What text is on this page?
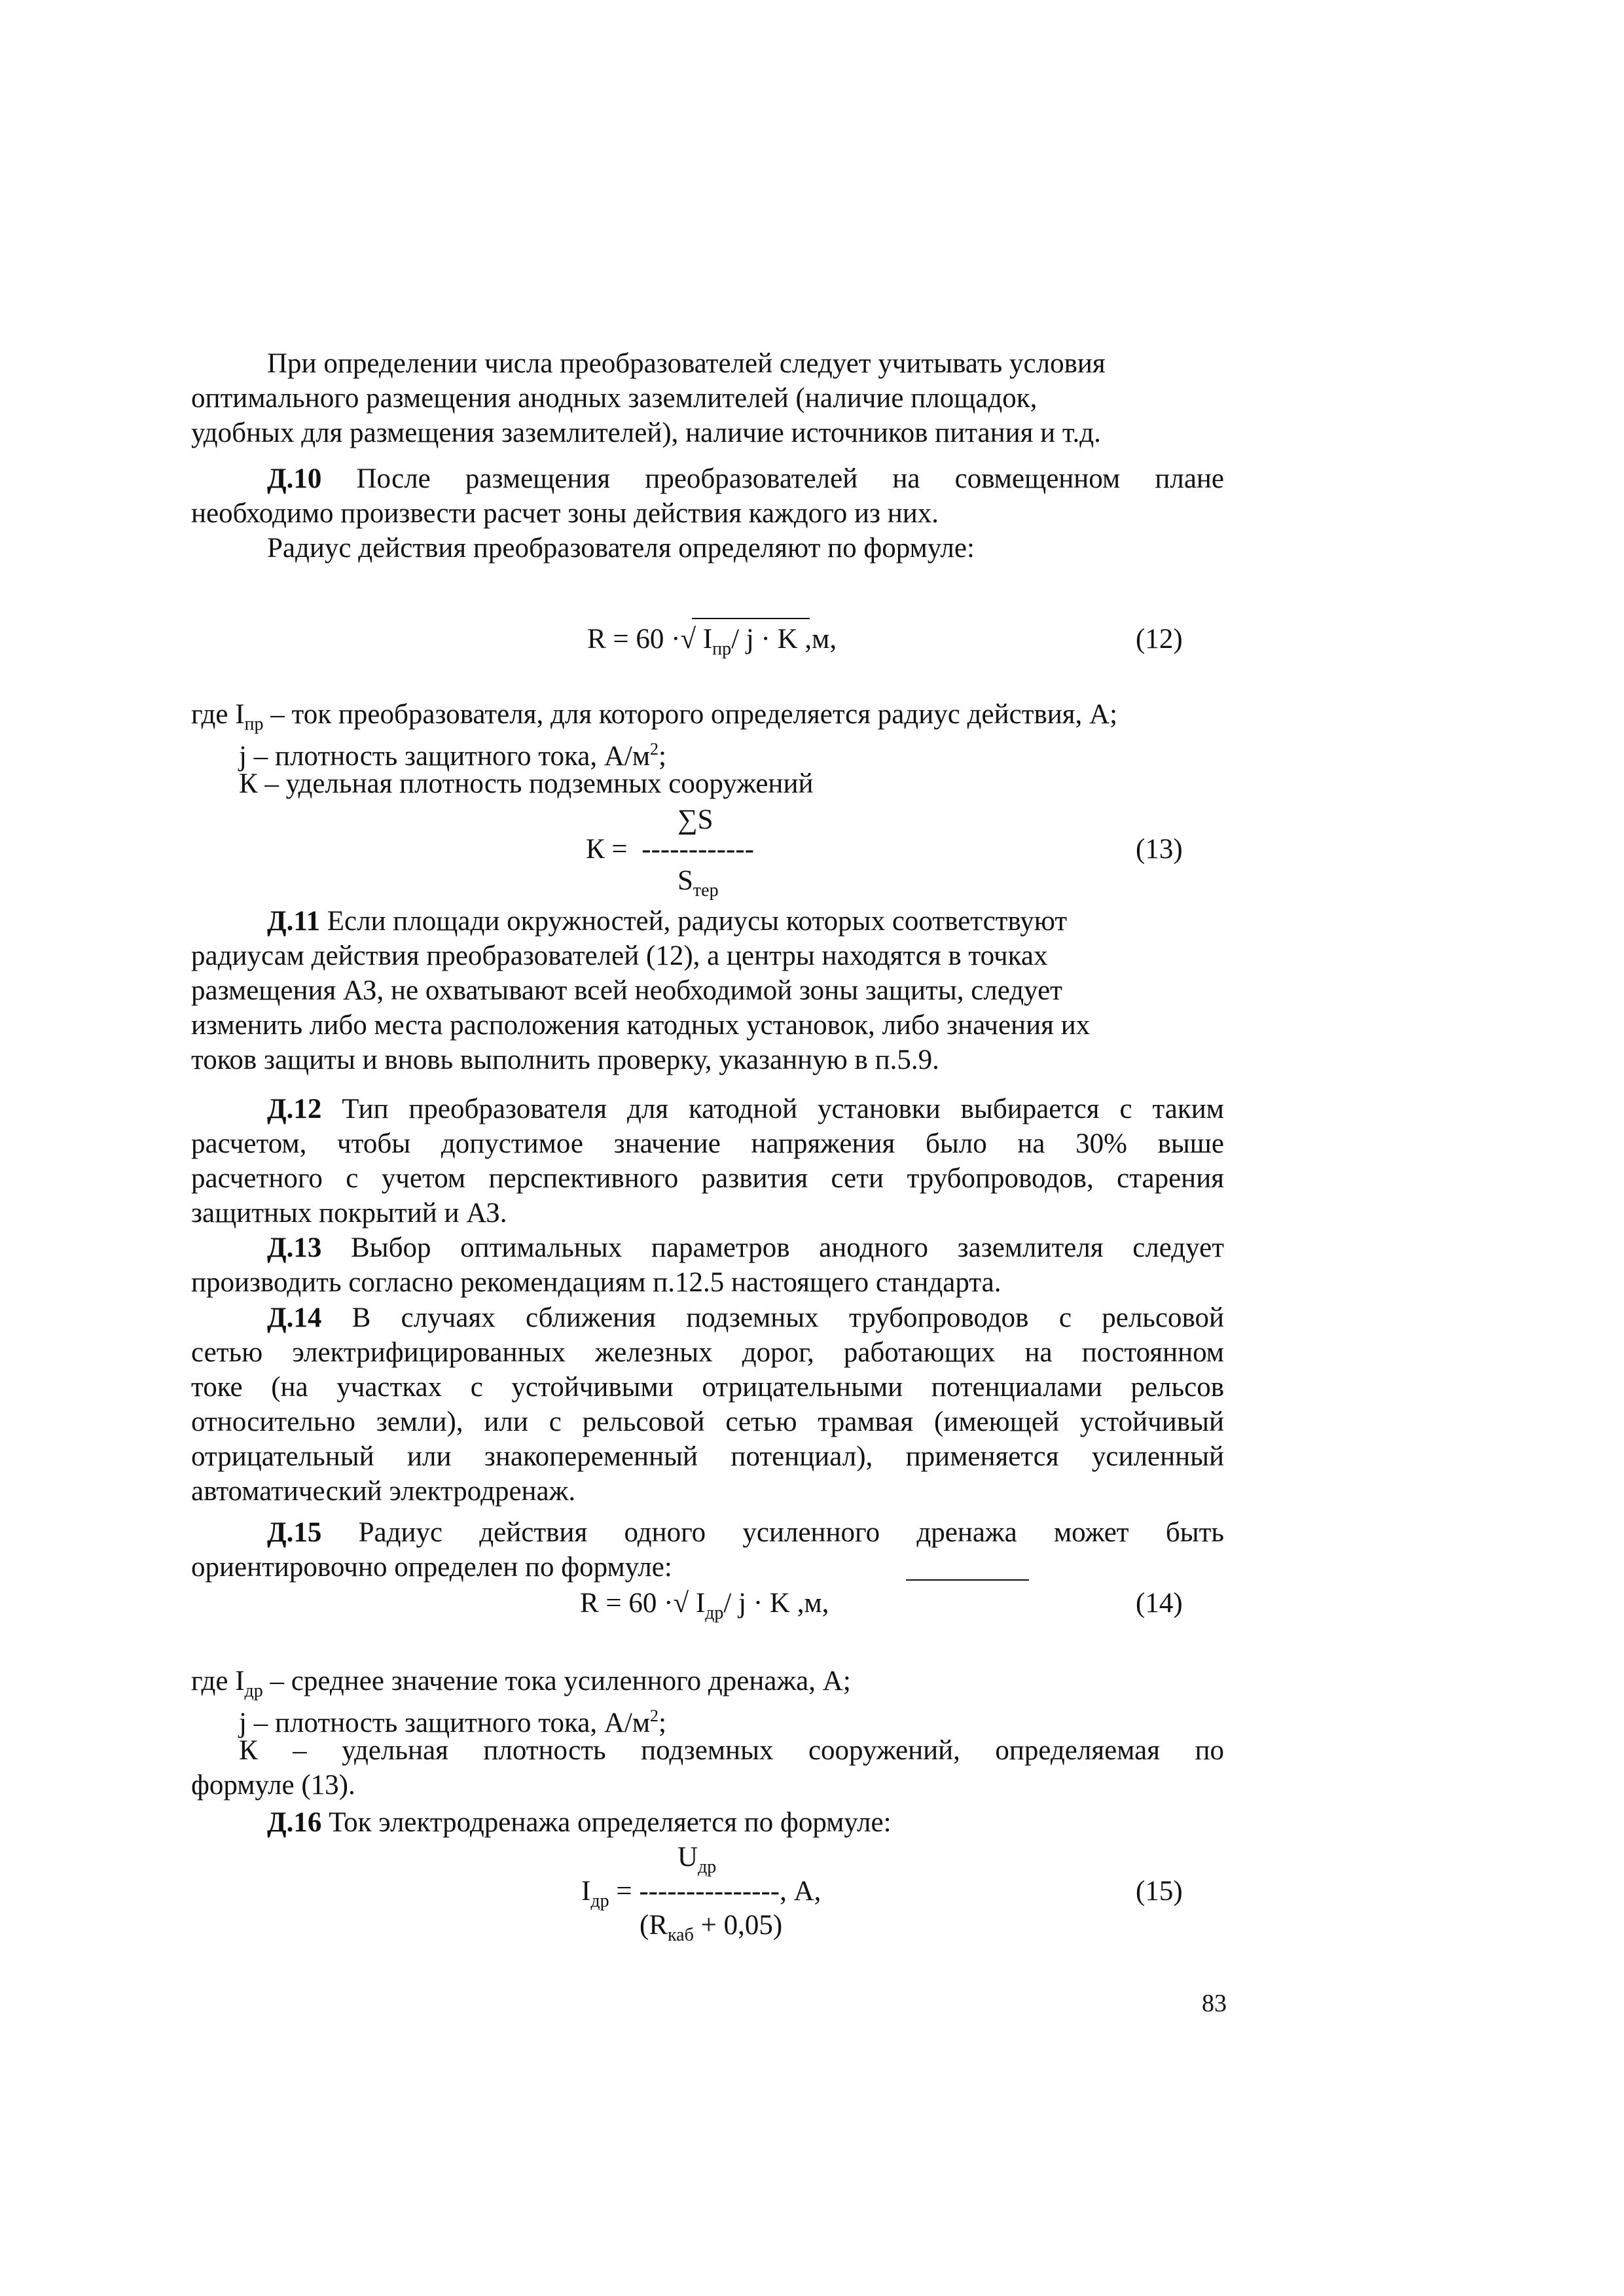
При определении числа преобразователей следует учитывать условия
оптимального размещения анодных заземлителей (наличие площадок,
удобных для размещения заземлителей), наличие источников питания и т.д.
Д.10 После размещения преобразователей на совмещенном плане
необходимо произвести расчет зоны действия каждого из них.
Радиус действия преобразователя определяют по формуле:
R = 60 ·√ $I_{пр}/$ j · K ,м,	(12)
где $I_{пр}$ – ток преобразователя, для которого определяется радиус действия, А;
j – плотность защитного тока, $А/м^2$;
К – удельная плотность подземных сооружений
∑S
К = ------------	(13)
$S_{тер}$
Д.11 Если площади окружностей, радиусы которых соответствуют
радиусам действия преобразователей (12), а центры находятся в точках
размещения АЗ, не охватывают всей необходимой зоны защиты, следует
изменить либо места расположения катодных установок, либо значения их
токов защиты и вновь выполнить проверку, указанную в п.5.9.
Д.12 Тип преобразователя для катодной установки выбирается с таким
расчетом, чтобы допустимое значение напряжения было на 30% выше
расчетного с учетом перспективного развития сети трубопроводов, старения
защитных покрытий и АЗ.
Д.13 Выбор оптимальных параметров анодного заземлителя следует
производить согласно рекомендациям п.12.5 настоящего стандарта.
Д.14 В случаях сближения подземных трубопроводов с рельсовой
сетью электрифицированных железных дорог, работающих на постоянном
токе (на участках с устойчивыми отрицательными потенциалами рельсов
относительно земли), или с рельсовой сетью трамвая (имеющей устойчивый
отрицательный или знакопеременный потенциал), применяется усиленный
автоматический электродренаж.
Д.15 Радиус действия одного усиленного дренажа может быть
ориентировочно определен по формуле:
R = 60 ·√ $I_{др}/$ j · K ,м,	(14)
где $I_{др}$ – среднее значение тока усиленного дренажа, А;
j – плотность защитного тока, $А/м^2$;
К – удельная плотность подземных сооружений, определяемая по
формуле (13).
Д.16 Ток электродренажа определяется по формуле:
$U_{др}$
$I_{др}$ = ---------------, А,	(15)
$(R_{каб} + 0,05)$
83
